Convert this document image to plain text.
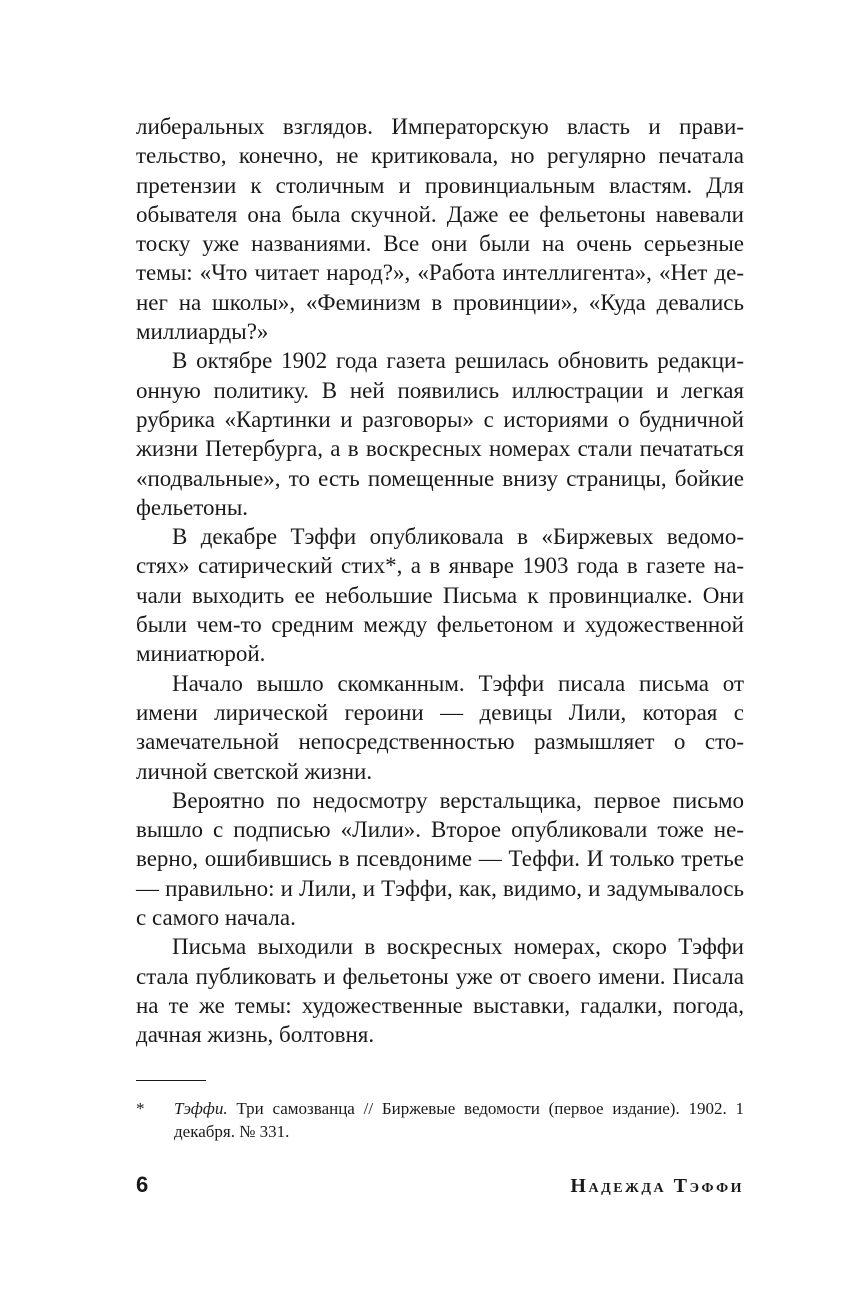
либеральных взглядов. Императорскую власть и правительство, конечно, не критиковала, но регулярно печатала претензии к столичным и провинциальным властям. Для обывателя она была скучной. Даже ее фельетоны навевали тоску уже названиями. Все они были на очень серьезные темы: «Что читает народ?», «Работа интеллигента», «Нет денег на школы», «Феминизм в провинции», «Куда девались миллиарды?»

В октябре 1902 года газета решилась обновить редакционную политику. В ней появились иллюстрации и легкая рубрика «Картинки и разговоры» с историями о будничной жизни Петербурга, а в воскресных номерах стали печататься «подвальные», то есть помещенные внизу страницы, бойкие фельетоны.

В декабре Тэффи опубликовала в «Биржевых ведомостях» сатирический стих*, а в январе 1903 года в газете начали выходить ее небольшие Письма к провинциалке. Они были чем-то средним между фельетоном и художественной миниатюрой.

Начало вышло скомканным. Тэффи писала письма от имени лирической героини — девицы Лили, которая с замечательной непосредственностью размышляет о столичной светской жизни.

Вероятно по недосмотру верстальщика, первое письмо вышло с подписью «Лили». Второе опубликовали тоже неверно, ошибившись в псевдониме — Теффи. И только третье — правильно: и Лили, и Тэффи, как, видимо, и задумывалось с самого начала.

Письма выходили в воскресных номерах, скоро Тэффи стала публиковать и фельетоны уже от своего имени. Писала на те же темы: художественные выставки, гадалки, погода, дачная жизнь, болтовня.

* Тэффи. Три самозванца // Биржевые ведомости (первое издание). 1902. 1 декабря. № 331.
6	Надежда Тэффи
